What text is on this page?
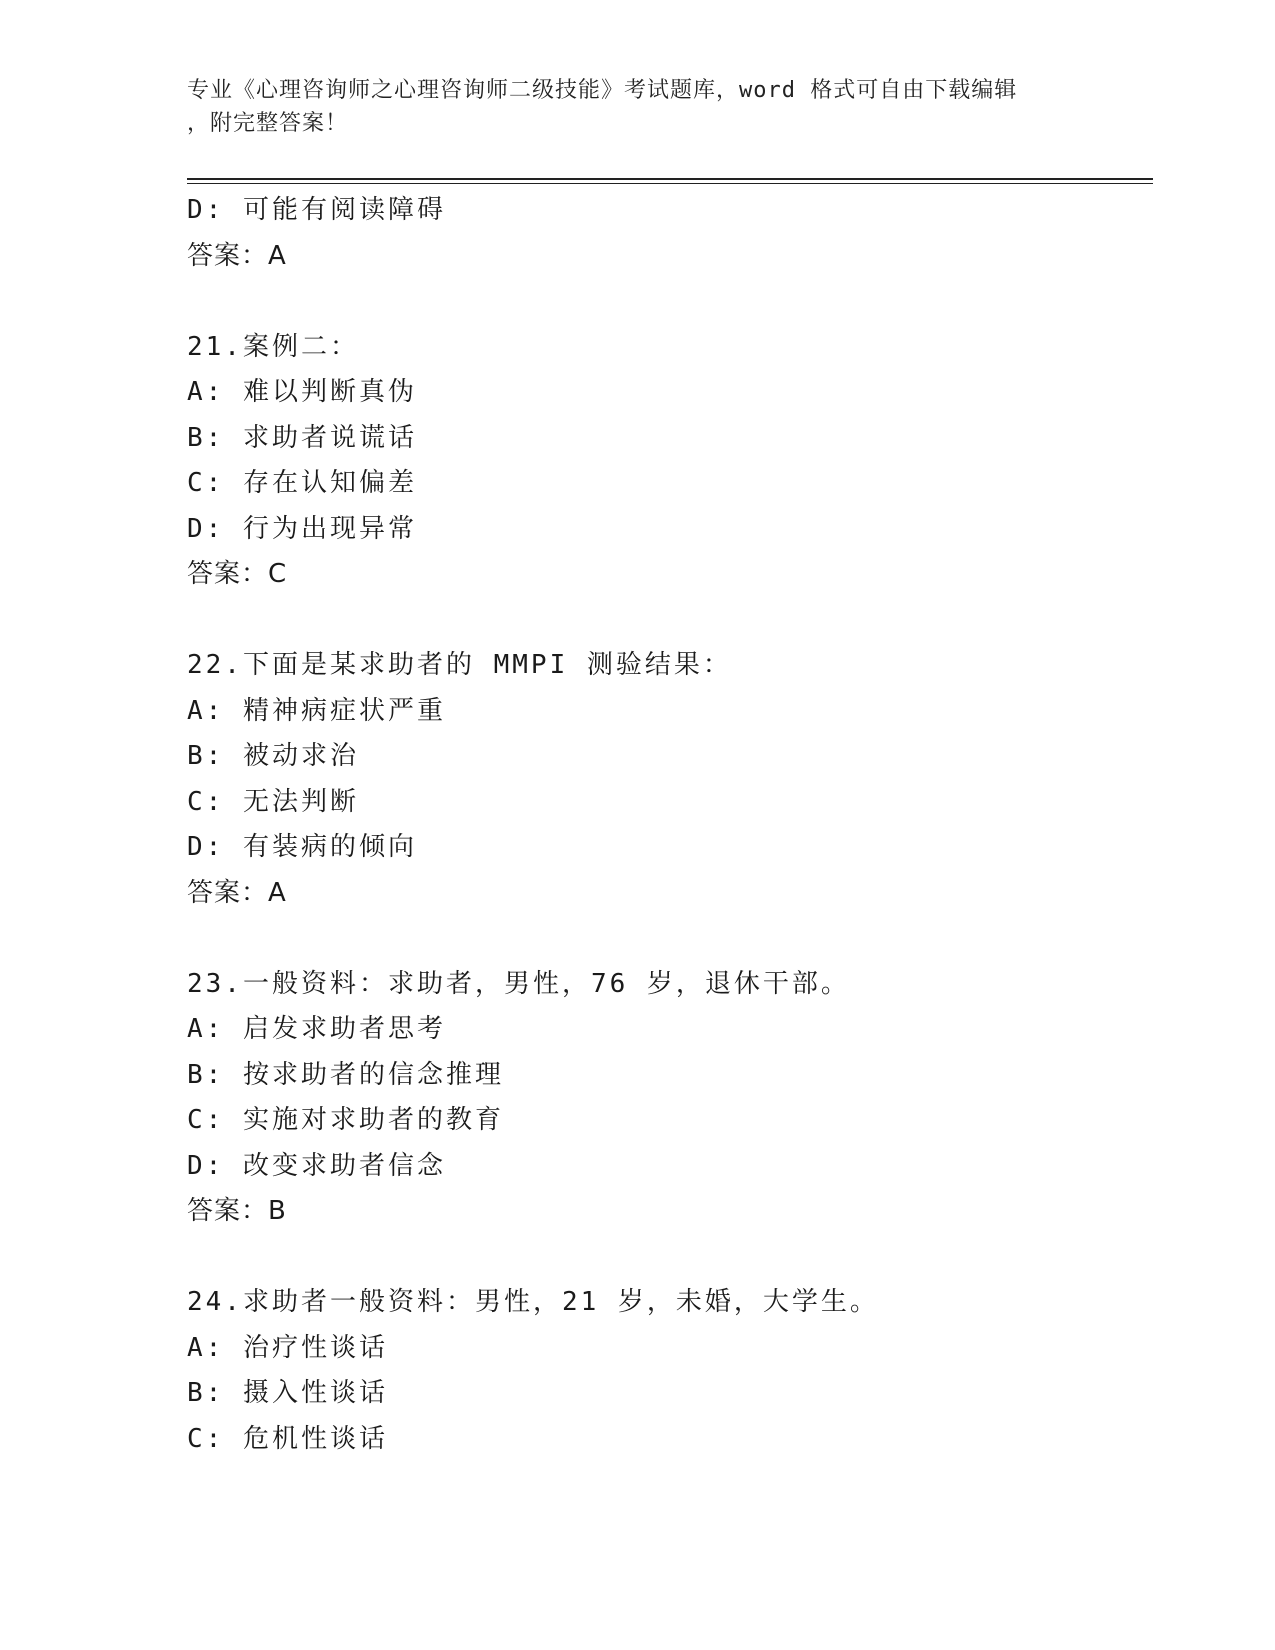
专业《心理咨询师之心理咨询师二级技能》考试题库，word 格式可自由下载编辑
，附完整答案！
D: 可能有阅读障碍
答案：A
21.案例二：
A: 难以判断真伪
B: 求助者说谎话
C: 存在认知偏差
D: 行为出现异常
答案：C
22.下面是某求助者的 MMPI 测验结果：
A: 精神病症状严重
B: 被动求治
C: 无法判断
D: 有装病的倾向
答案：A
23.一般资料：求助者，男性，76 岁，退休干部。
A: 启发求助者思考
B: 按求助者的信念推理
C: 实施对求助者的教育
D: 改变求助者信念
答案：B
24.求助者一般资料：男性，21 岁，未婚，大学生。
A: 治疗性谈话
B: 摄入性谈话
C: 危机性谈话
